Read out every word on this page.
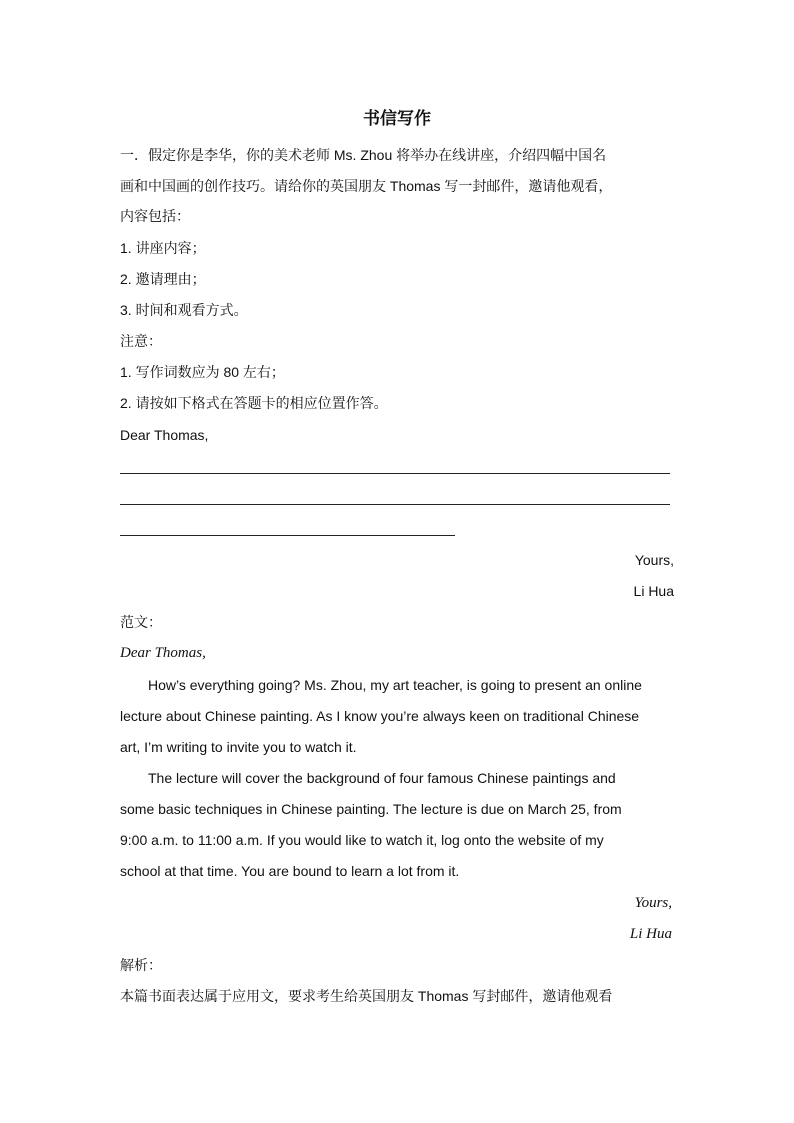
书信写作
一．假定你是李华，你的美术老师 Ms. Zhou 将举办在线讲座，介绍四幅中国名
画和中国画的创作技巧。请给你的英国朋友 Thomas 写一封邮件，邀请他观看，
内容包括：
1. 讲座内容；
2. 邀请理由；
3. 时间和观看方式。
注意：
1. 写作词数应为 80 左右；
2. 请按如下格式在答题卡的相应位置作答。
Dear Thomas,
Yours,
Li Hua
范文：
Dear Thomas,
How’s everything going? Ms. Zhou, my art teacher, is going to present an online
lecture about Chinese painting. As I know you’re always keen on traditional Chinese
art, I’m writing to invite you to watch it.
The lecture will cover the background of four famous Chinese paintings and
some basic techniques in Chinese painting. The lecture is due on March 25, from
9:00 a.m. to 11:00 a.m. If you would like to watch it, log onto the website of my
school at that time. You are bound to learn a lot from it.
Yours,
Li Hua
解析：
本篇书面表达属于应用文，要求考生给英国朋友 Thomas 写封邮件，邀请他观看
